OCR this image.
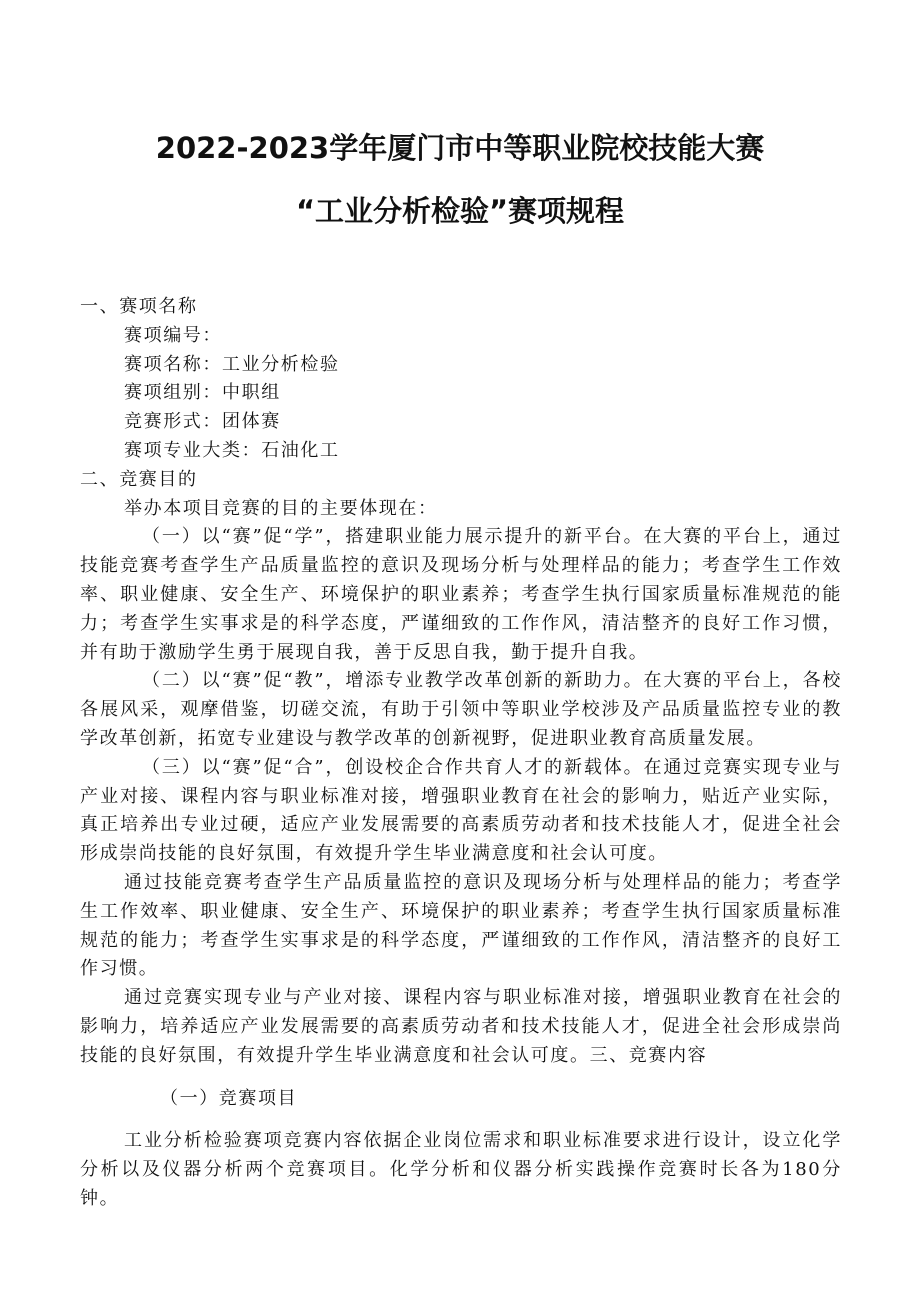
2022-2023学年厦门市中等职业院校技能大赛
“工业分析检验”赛项规程

一、赛项名称

赛项编号：

赛项名称：工业分析检验

赛项组别：中职组

竞赛形式：团体赛

赛项专业大类：石油化工

二、竞赛目的

举办本项目竞赛的目的主要体现在：

（一）以“赛”促“学”，搭建职业能力展示提升的新平台。在大赛的平台上，通过技能竞赛考查学生产品质量监控的意识及现场分析与处理样品的能力；考查学生工作效率、职业健康、安全生产、环境保护的职业素养；考查学生执行国家质量标准规范的能力；考查学生实事求是的科学态度，严谨细致的工作作风，清洁整齐的良好工作习惯，并有助于激励学生勇于展现自我，善于反思自我，勤于提升自我。

（二）以“赛”促“教”，增添专业教学改革创新的新助力。在大赛的平台上，各校各展风采，观摩借鉴，切磋交流，有助于引领中等职业学校涉及产品质量监控专业的教学改革创新，拓宽专业建设与教学改革的创新视野，促进职业教育高质量发展。

（三）以“赛”促“合”，创设校企合作共育人才的新载体。在通过竞赛实现专业与产业对接、课程内容与职业标准对接，增强职业教育在社会的影响力，贴近产业实际，真正培养出专业过硬，适应产业发展需要的高素质劳动者和技术技能人才，促进全社会形成崇尚技能的良好氛围，有效提升学生毕业满意度和社会认可度。

通过技能竞赛考查学生产品质量监控的意识及现场分析与处理样品的能力；考查学生工作效率、职业健康、安全生产、环境保护的职业素养；考查学生执行国家质量标准规范的能力；考查学生实事求是的科学态度，严谨细致的工作作风，清洁整齐的良好工作习惯。

通过竞赛实现专业与产业对接、课程内容与职业标准对接，增强职业教育在社会的影响力，培养适应产业发展需要的高素质劳动者和技术技能人才，促进全社会形成崇尚技能的良好氛围，有效提升学生毕业满意度和社会认可度。三、竞赛内容

（一）竞赛项目

工业分析检验赛项竞赛内容依据企业岗位需求和职业标准要求进行设计，设立化学分析以及仪器分析两个竞赛项目。化学分析和仪器分析实践操作竞赛时长各为180分钟。
